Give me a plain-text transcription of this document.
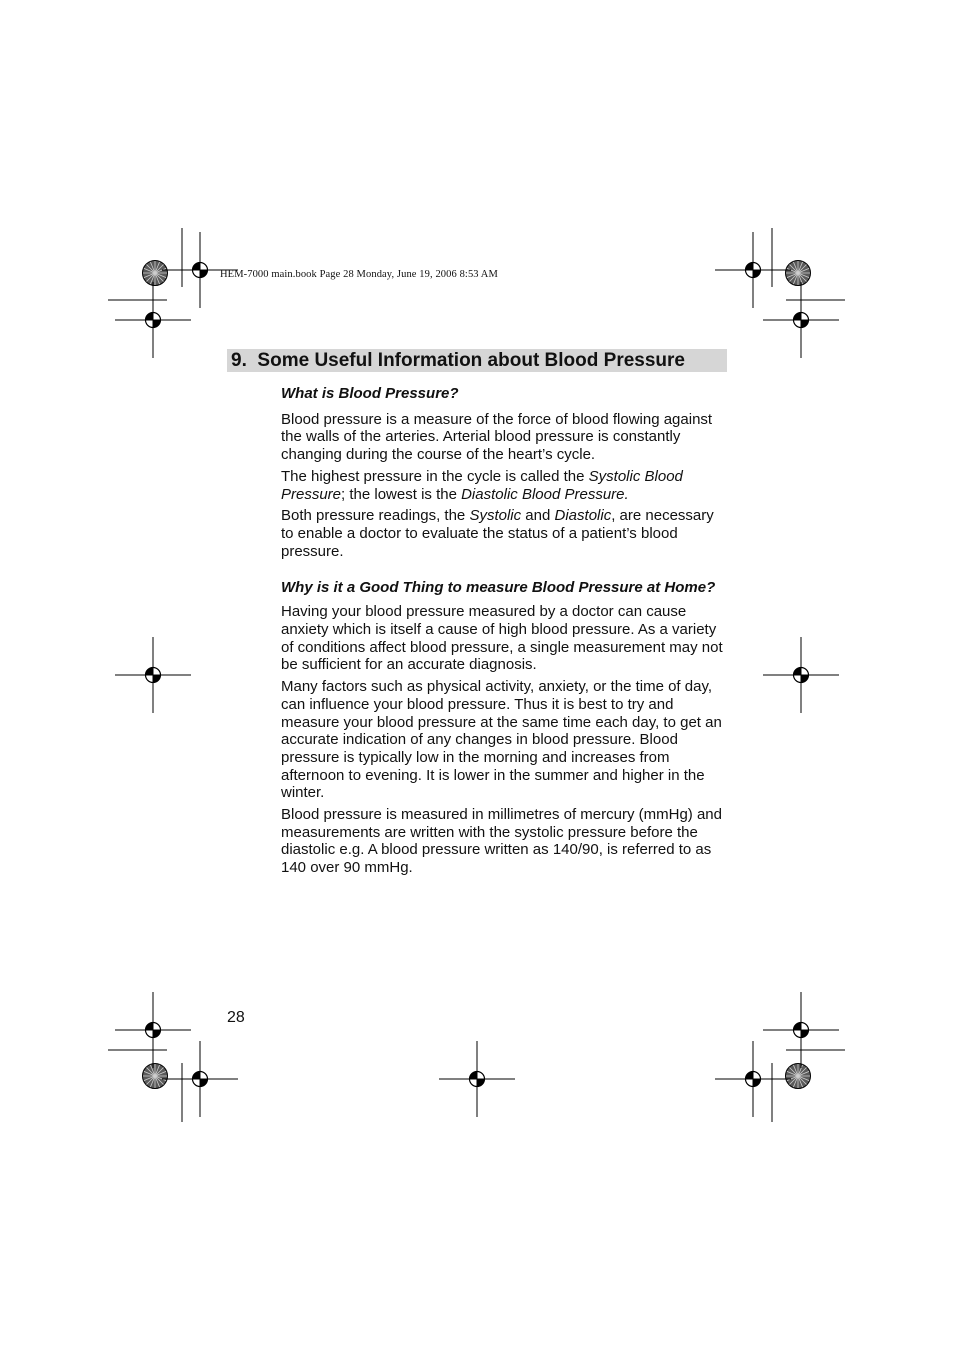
HEM-7000 main.book Page 28 Monday, June 19, 2006 8:53 AM
9. Some Useful Information about Blood Pressure

What is Blood Pressure?

Blood pressure is a measure of the force of blood flowing against the walls of the arteries. Arterial blood pressure is constantly changing during the course of the heart’s cycle.

The highest pressure in the cycle is called the Systolic Blood Pressure; the lowest is the Diastolic Blood Pressure.

Both pressure readings, the Systolic and Diastolic, are necessary to enable a doctor to evaluate the status of a patient’s blood pressure.

Why is it a Good Thing to measure Blood Pressure at Home?

Having your blood pressure measured by a doctor can cause anxiety which is itself a cause of high blood pressure. As a variety of conditions affect blood pressure, a single measurement may not be sufficient for an accurate diagnosis.

Many factors such as physical activity, anxiety, or the time of day, can influence your blood pressure. Thus it is best to try and measure your blood pressure at the same time each day, to get an accurate indication of any changes in blood pressure. Blood pressure is typically low in the morning and increases from afternoon to evening. It is lower in the summer and higher in the winter.

Blood pressure is measured in millimetres of mercury (mmHg) and measurements are written with the systolic pressure before the diastolic e.g. A blood pressure written as 140/90, is referred to as 140 over 90 mmHg.

28
